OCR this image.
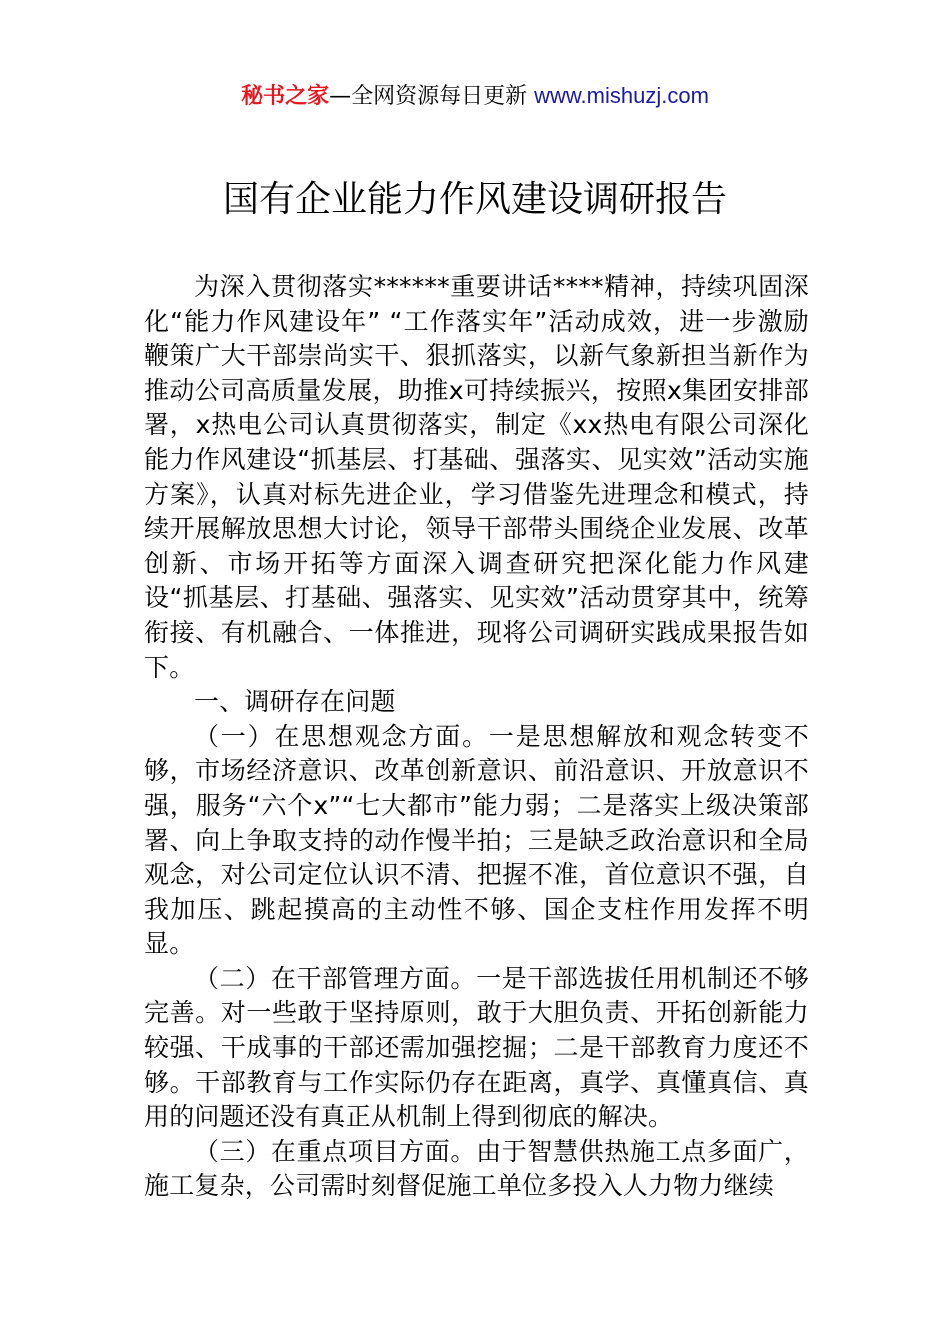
秘书之家—全网资源每日更新 www.mishuzj.com
国有企业能力作风建设调研报告

为深入贯彻落实******重要讲话****精神，持续巩固深化“能力作风建设年” “工作落实年”活动成效，进一步激励鞭策广大干部崇尚实干、狠抓落实，以新气象新担当新作为推动公司高质量发展，助推x可持续振兴，按照x集团安排部署，x热电公司认真贯彻落实，制定《xx热电有限公司深化能力作风建设“抓基层、打基础、强落实、见实效”活动实施方案》，认真对标先进企业，学习借鉴先进理念和模式，持续开展解放思想大讨论，领导干部带头围绕企业发展、改革创新、市场开拓等方面深入调查研究把深化能力作风建设“抓基层、打基础、强落实、见实效”活动贯穿其中，统筹衔接、有机融合、一体推进，现将公司调研实践成果报告如下。

一、调研存在问题

（一）在思想观念方面。一是思想解放和观念转变不够，市场经济意识、改革创新意识、前沿意识、开放意识不强，服务“六个x”“七大都市”能力弱；二是落实上级决策部署、向上争取支持的动作慢半拍；三是缺乏政治意识和全局观念，对公司定位认识不清、把握不准，首位意识不强，自我加压、跳起摸高的主动性不够、国企支柱作用发挥不明显。

（二）在干部管理方面。一是干部选拔任用机制还不够完善。对一些敢于坚持原则，敢于大胆负责、开拓创新能力较强、干成事的干部还需加强挖掘；二是干部教育力度还不够。干部教育与工作实际仍存在距离，真学、真懂真信、真用的问题还没有真正从机制上得到彻底的解决。

（三）在重点项目方面。由于智慧供热施工点多面广，施工复杂，公司需时刻督促施工单位多投入人力物力继续
